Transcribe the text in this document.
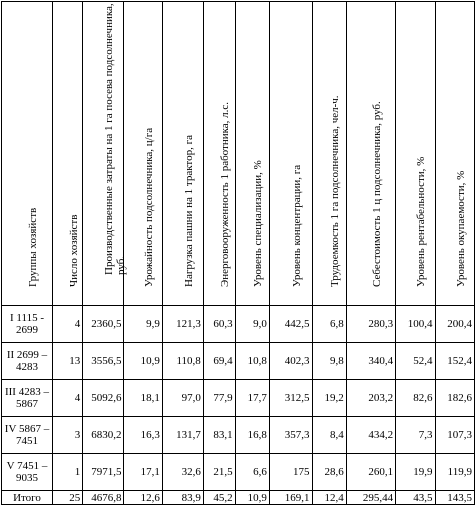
Группы хозяйств	Число хозяйств	Производственные затраты на 1 га посева подсолнечника, руб.	Урожайность подсолнечника, ц/га	Нагрузка пашни на 1 трактор, га	Энерговооруженность 1 работника, л.с.	Уровень специализации, %	Уровень концентрации, га	Трудоемкость 1 га подсолнечника, чел-ч.	Себестоимость 1 ц подсолнечника, руб.	Уровень рентабельности, %	Уровень окупаемости, %

I 1115 - 2699	4	2360,5	9,9	121,3	60,3	9,0	442,5	6,8	280,3	100,4	200,4
II 2699 – 4283	13	3556,5	10,9	110,8	69,4	10,8	402,3	9,8	340,4	52,4	152,4
III 4283 – 5867	4	5092,6	18,1	97,0	77,9	17,7	312,5	19,2	203,2	82,6	182,6
IV 5867 – 7451	3	6830,2	16,3	131,7	83,1	16,8	357,3	8,4	434,2	7,3	107,3
V 7451 – 9035	1	7971,5	17,1	32,6	21,5	6,6	175	28,6	260,1	19,9	119,9
Итого	25	4676,8	12,6	83,9	45,2	10,9	169,1	12,4	295,44	43,5	143,5
